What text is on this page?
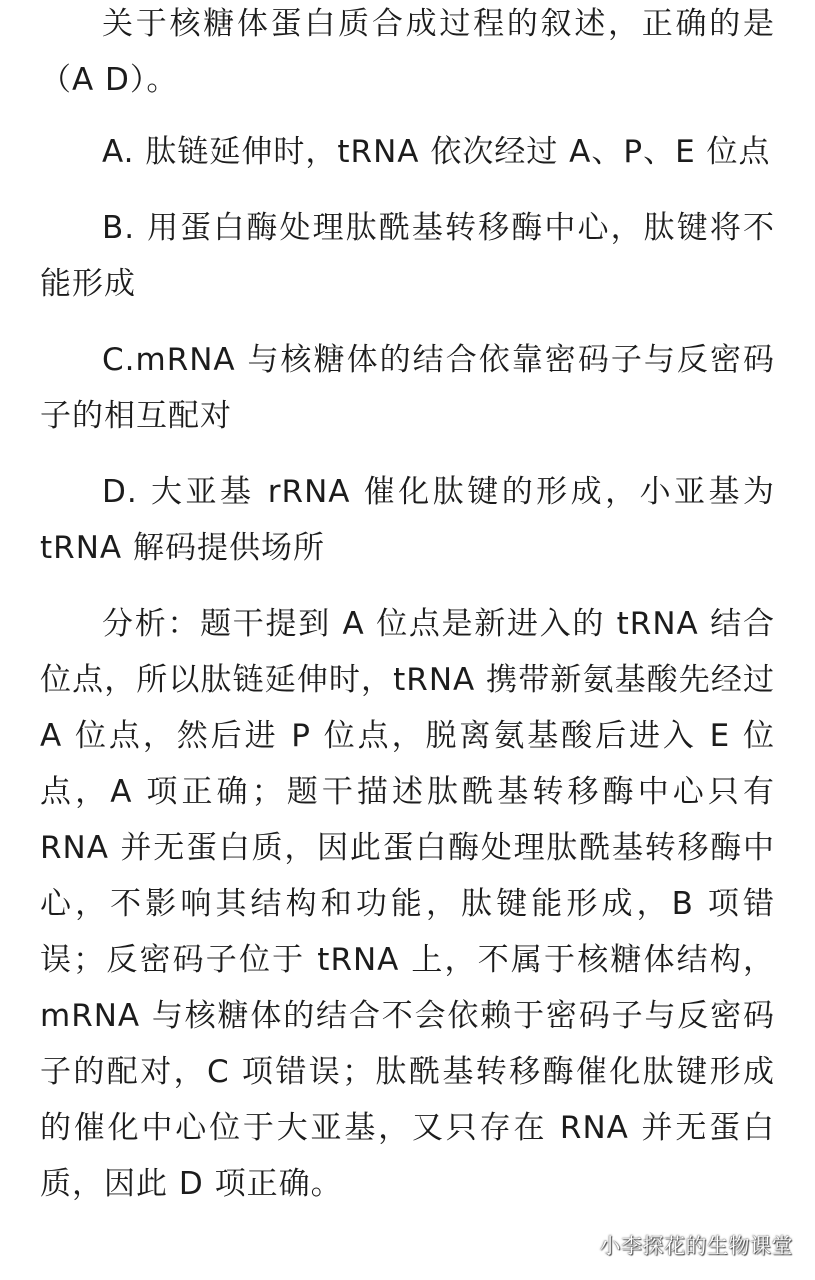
关于核糖体蛋白质合成过程的叙述，正确的是（A D）。

A. 肽链延伸时，tRNA 依次经过 A、P、E 位点

B. 用蛋白酶处理肽酰基转移酶中心，肽键将不能形成

C.mRNA 与核糖体的结合依靠密码子与反密码子的相互配对

D. 大亚基 rRNA 催化肽键的形成，小亚基为 tRNA 解码提供场所

分析：题干提到 A 位点是新进入的 tRNA 结合位点，所以肽链延伸时，tRNA 携带新氨基酸先经过 A 位点，然后进 P 位点，脱离氨基酸后进入 E 位点，A 项正确；题干描述肽酰基转移酶中心只有 RNA 并无蛋白质，因此蛋白酶处理肽酰基转移酶中心，不影响其结构和功能，肽键能形成，B 项错误；反密码子位于 tRNA 上，不属于核糖体结构， mRNA 与核糖体的结合不会依赖于密码子与反密码子的配对，C 项错误；肽酰基转移酶催化肽键形成的催化中心位于大亚基，又只存在 RNA 并无蛋白质，因此 D 项正确。

小李探花的生物课堂
